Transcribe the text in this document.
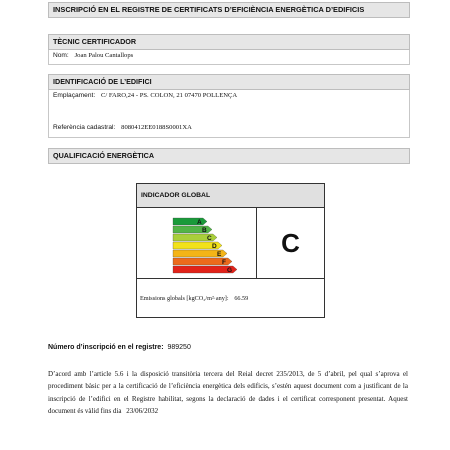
INSCRIPCIÓ EN EL REGISTRE DE CERTIFICATS D’EFICIÈNCIA ENERGÈTICA D’EDIFICIS
TÈCNIC CERTIFICADOR
Nom: Joan Palou Cantallops
IDENTIFICACIÓ DE L’EDIFICI
Emplaçament: C/ FARO,24 - PS. COLON, 21 07470 POLLENÇA
Referència cadastral: 8080412EE0188S0001XA
QUALIFICACIÓ ENERGÈTICA
INDICADOR GLOBAL
A
B
C
D
E
F
G
C
Emissions globals [kgCO₂/m²·any]: 66.59
Número d’inscripció en el registre: 989250
D’acord amb l’article 5.6 i la disposició transitòria tercera del Reial decret 235/2013, de 5 d’abril, pel qual s’aprova el procediment bàsic per a la certificació de l’eficiència energètica dels edificis, s’estén aquest document com a justificant de la inscripció de l’edifici en el Registre habilitat, segons la declaració de dades i el certificat corresponent presentat. Aquest document és vàlid fins dia 23/06/2032
